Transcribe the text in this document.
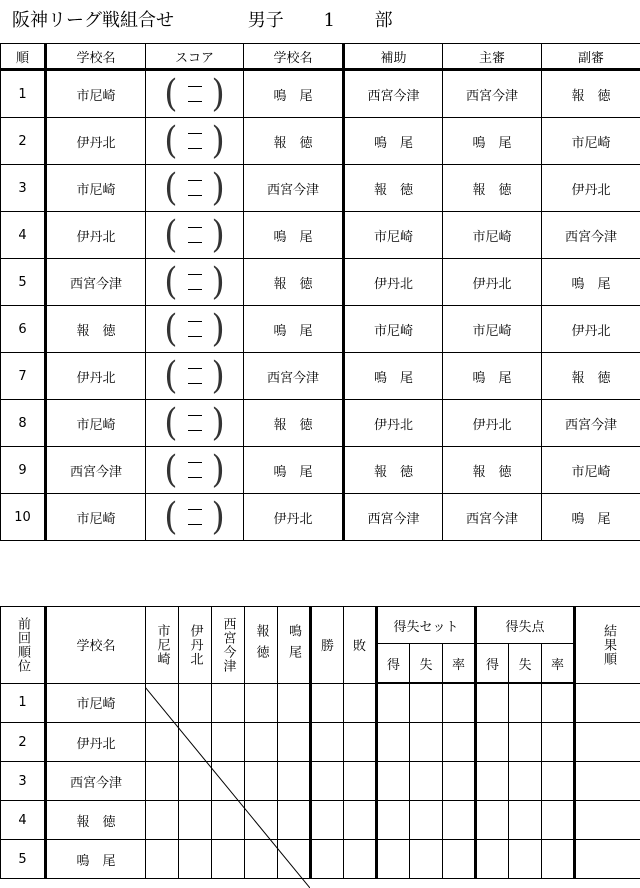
阪神リーグ戦組合せ	男子 1 部
順	学校名	スコア	学校名	補助	主審	副審
1	市尼崎	( )	鳴　尾	西宮今津	西宮今津	報　徳
2	伊丹北	( )	報　徳	鳴　尾	鳴　尾	市尼崎
3	市尼崎	( )	西宮今津	報　徳	報　徳	伊丹北
4	伊丹北	( )	鳴　尾	市尼崎	市尼崎	西宮今津
5	西宮今津	( )	報　徳	伊丹北	伊丹北	鳴　尾
6	報　徳	( )	鳴　尾	市尼崎	市尼崎	伊丹北
7	伊丹北	( )	西宮今津	鳴　尾	鳴　尾	報　徳
8	市尼崎	( )	報　徳	伊丹北	伊丹北	西宮今津
9	西宮今津	( )	鳴　尾	報　徳	報　徳	市尼崎
10	市尼崎	( )	伊丹北	西宮今津	西宮今津	鳴　尾
前回順位	学校名	市尼崎	伊丹北	西宮今津	報徳	鳴尾	勝	敗	得失セット			得失点			結果順

									得	失	率	得	失	率	
1	市尼崎														
2	伊丹北														
3	西宮今津														
4	報　徳														
5	鳴　尾														
